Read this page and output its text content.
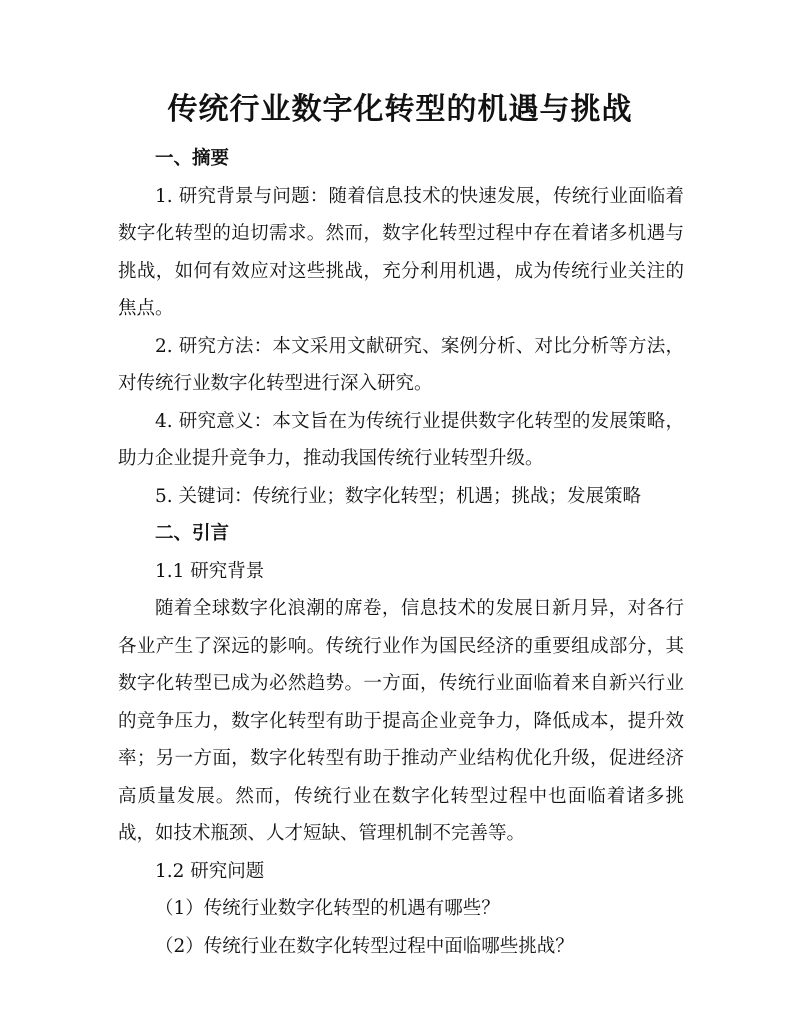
传统行业数字化转型的机遇与挑战
一、摘要

1. 研究背景与问题：随着信息技术的快速发展，传统行业面临着数字化转型的迫切需求。然而，数字化转型过程中存在着诸多机遇与挑战，如何有效应对这些挑战，充分利用机遇，成为传统行业关注的焦点。

2. 研究方法：本文采用文献研究、案例分析、对比分析等方法，对传统行业数字化转型进行深入研究。

4. 研究意义：本文旨在为传统行业提供数字化转型的发展策略，助力企业提升竞争力，推动我国传统行业转型升级。

5. 关键词：传统行业；数字化转型；机遇；挑战；发展策略

二、引言

1.1 研究背景

随着全球数字化浪潮的席卷，信息技术的发展日新月异，对各行各业产生了深远的影响。传统行业作为国民经济的重要组成部分，其数字化转型已成为必然趋势。一方面，传统行业面临着来自新兴行业的竞争压力，数字化转型有助于提高企业竞争力，降低成本，提升效率；另一方面，数字化转型有助于推动产业结构优化升级，促进经济高质量发展。然而，传统行业在数字化转型过程中也面临着诸多挑战，如技术瓶颈、人才短缺、管理机制不完善等。

1.2 研究问题

（1）传统行业数字化转型的机遇有哪些？

（2）传统行业在数字化转型过程中面临哪些挑战？
